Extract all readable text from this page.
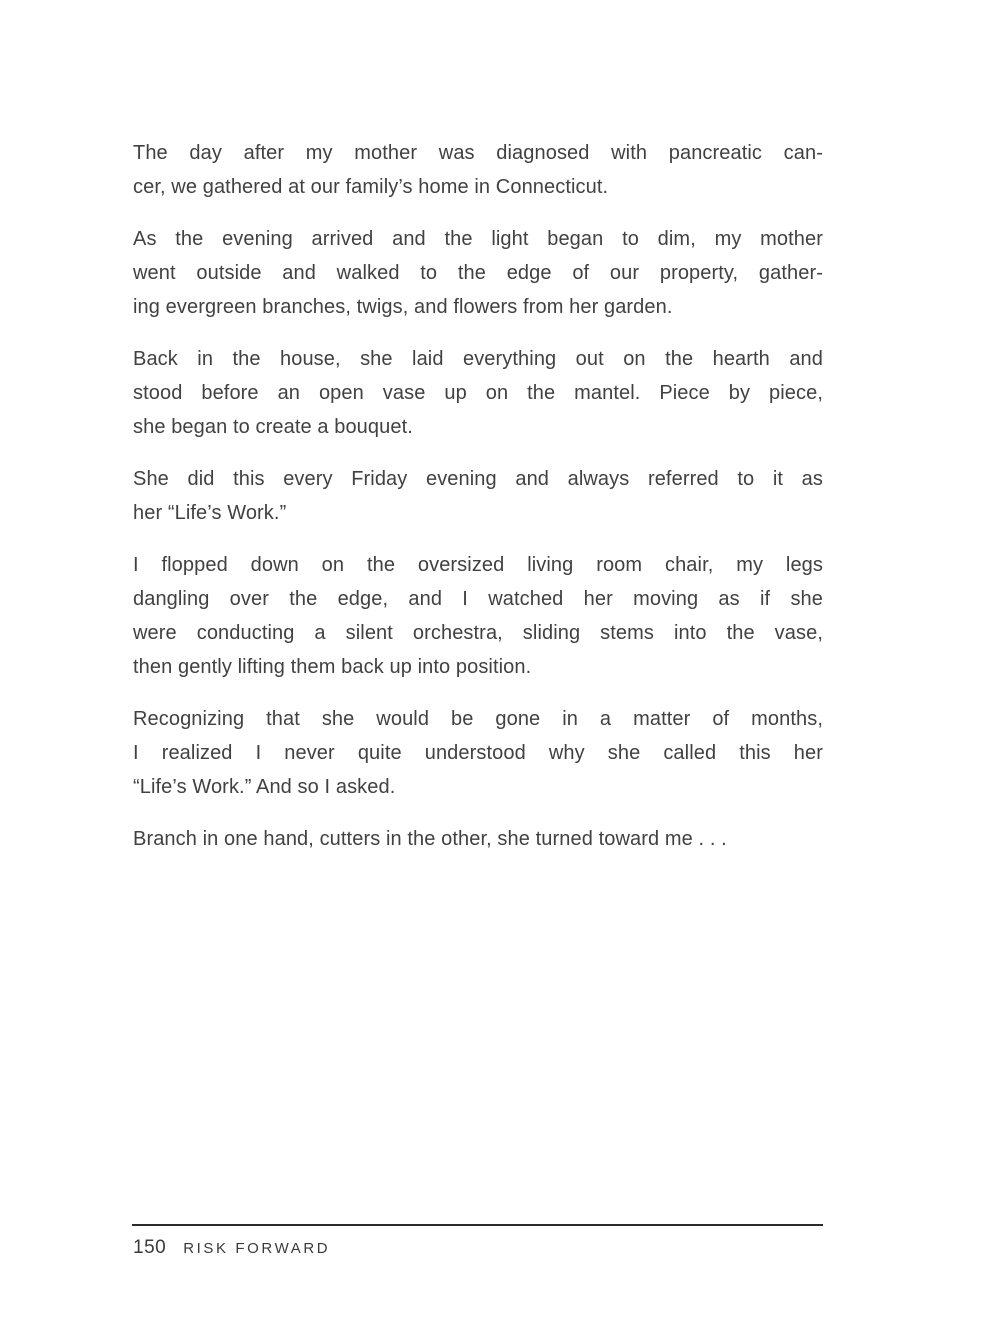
The day after my mother was diagnosed with pancreatic can-
cer, we gathered at our family’s home in Connecticut.
As the evening arrived and the light began to dim, my mother
went outside and walked to the edge of our property, gather-
ing evergreen branches, twigs, and flowers from her garden.
Back in the house, she laid everything out on the hearth and
stood before an open vase up on the mantel. Piece by piece,
she began to create a bouquet.
She did this every Friday evening and always referred to it as
her “Life’s Work.”
I flopped down on the oversized living room chair, my legs
dangling over the edge, and I watched her moving as if she
were conducting a silent orchestra, sliding stems into the vase,
then gently lifting them back up into position.
Recognizing that she would be gone in a matter of months,
I realized I never quite understood why she called this her
“Life’s Work.” And so I asked.
Branch in one hand, cutters in the other, she turned toward me . . .
150 RISK FORWARD
